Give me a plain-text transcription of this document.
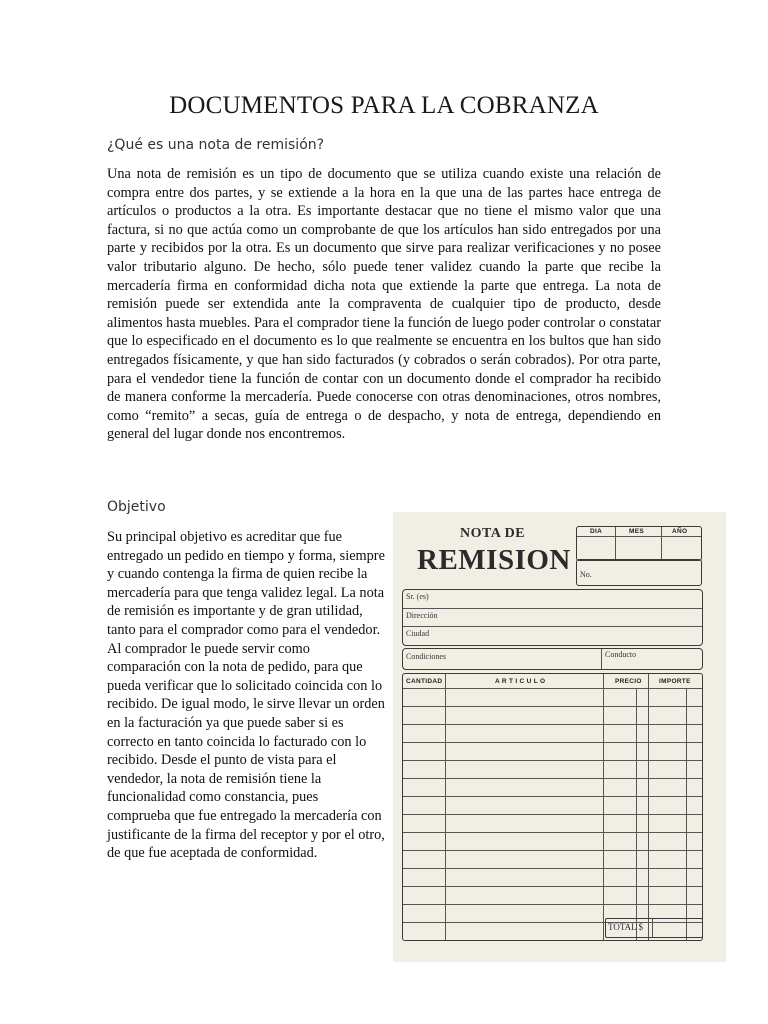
DOCUMENTOS PARA LA COBRANZA
¿Qué es una nota de remisión?

Una nota de remisión es un tipo de documento que se utiliza cuando existe una relación de compra entre dos partes, y se extiende a la hora en la que una de las partes hace entrega de artículos o productos a la otra. Es importante destacar que no tiene el mismo valor que una factura, si no que actúa como un comprobante de que los artículos han sido entregados por una parte y recibidos por la otra. Es un documento que sirve para realizar verificaciones y no posee valor tributario alguno. De hecho, sólo puede tener validez cuando la parte que recibe la mercadería firma en conformidad dicha nota que extiende la parte que entrega. La nota de remisión puede ser extendida ante la compraventa de cualquier tipo de producto, desde alimentos hasta muebles. Para el comprador tiene la función de luego poder controlar o constatar que lo especificado en el documento es lo que realmente se encuentra en los bultos que han sido entregados físicamente, y que han sido facturados (y cobrados o serán cobrados). Por otra parte, para el vendedor tiene la función de contar con un documento donde el comprador ha recibido de manera conforme la mercadería. Puede conocerse con otras denominaciones, otros nombres, como “remito” a secas, guía de entrega o de despacho, y nota de entrega, dependiendo en general del lugar donde nos encontremos.

Objetivo

Su principal objetivo es acreditar que fue entregado un pedido en tiempo y forma, siempre y cuando contenga la firma de quien recibe la mercadería para que tenga validez legal. La nota de remisión es importante y de gran utilidad, tanto para el comprador como para el vendedor. Al comprador le puede servir como comparación con la nota de pedido, para que pueda verificar que lo solicitado coincida con lo recibido. De igual modo, le sirve llevar un orden en la facturación ya que puede saber si es correcto en tanto coincida lo facturado con lo recibido. Desde el punto de vista para el vendedor, la nota de remisión tiene la funcionalidad como constancia, pues comprueba que fue entregado la mercadería con justificante de la firma del receptor y por el otro, de que fue aceptada de conformidad.

NOTA DE
REMISION
DIA	MES	AÑO
No.
Sr. (es)
Dirección
Ciudad
Condiciones	Conducto
CANTIDAD	A R T I C U L O	PRECIO	IMPORTE
TOTAL $
